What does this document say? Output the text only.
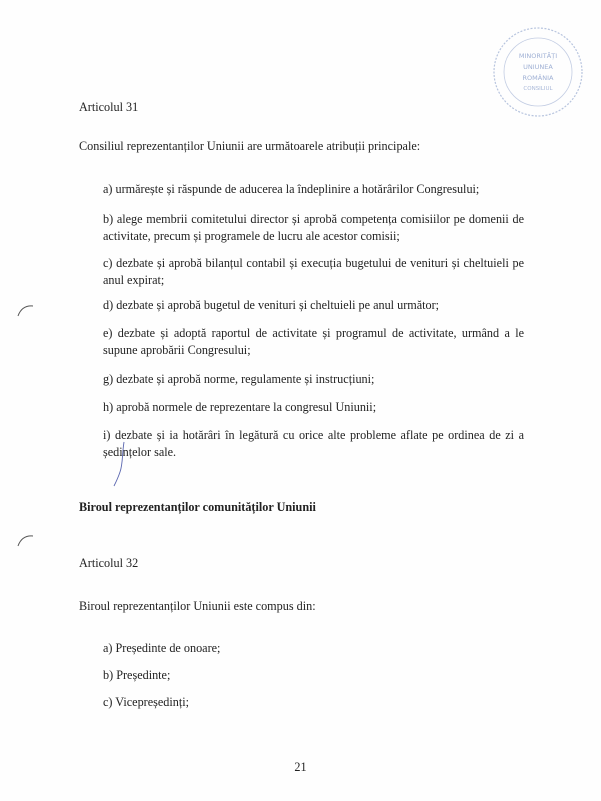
MINORITĂȚI
UNIUNEA
ROMÂNIA
CONSILIUL
Articolul 31
Consiliul reprezentanților Uniunii are următoarele atribuții principale:
a) urmărește și răspunde de aducerea la îndeplinire a hotărârilor Congresului;
b) alege membrii comitetului director și aprobă competența comisiilor pe domenii de activitate, precum și programele de lucru ale acestor comisii;
c) dezbate și aprobă bilanțul contabil și execuția bugetului de venituri și cheltuieli pe anul expirat;
d) dezbate și aprobă bugetul de venituri și cheltuieli pe anul următor;
e) dezbate și adoptă raportul de activitate și programul de activitate, urmând a le supune aprobării Congresului;
g) dezbate și aprobă norme, regulamente și instrucțiuni;
h) aprobă normele de reprezentare la congresul Uniunii;
i) dezbate și ia hotărâri în legătură cu orice alte probleme aflate pe ordinea de zi a ședințelor sale.
Biroul reprezentanților comunităților Uniunii
Articolul 32
Biroul reprezentanților Uniunii este compus din:
a) Președinte de onoare;
b) Președinte;
c) Vicepreședinți;
21
